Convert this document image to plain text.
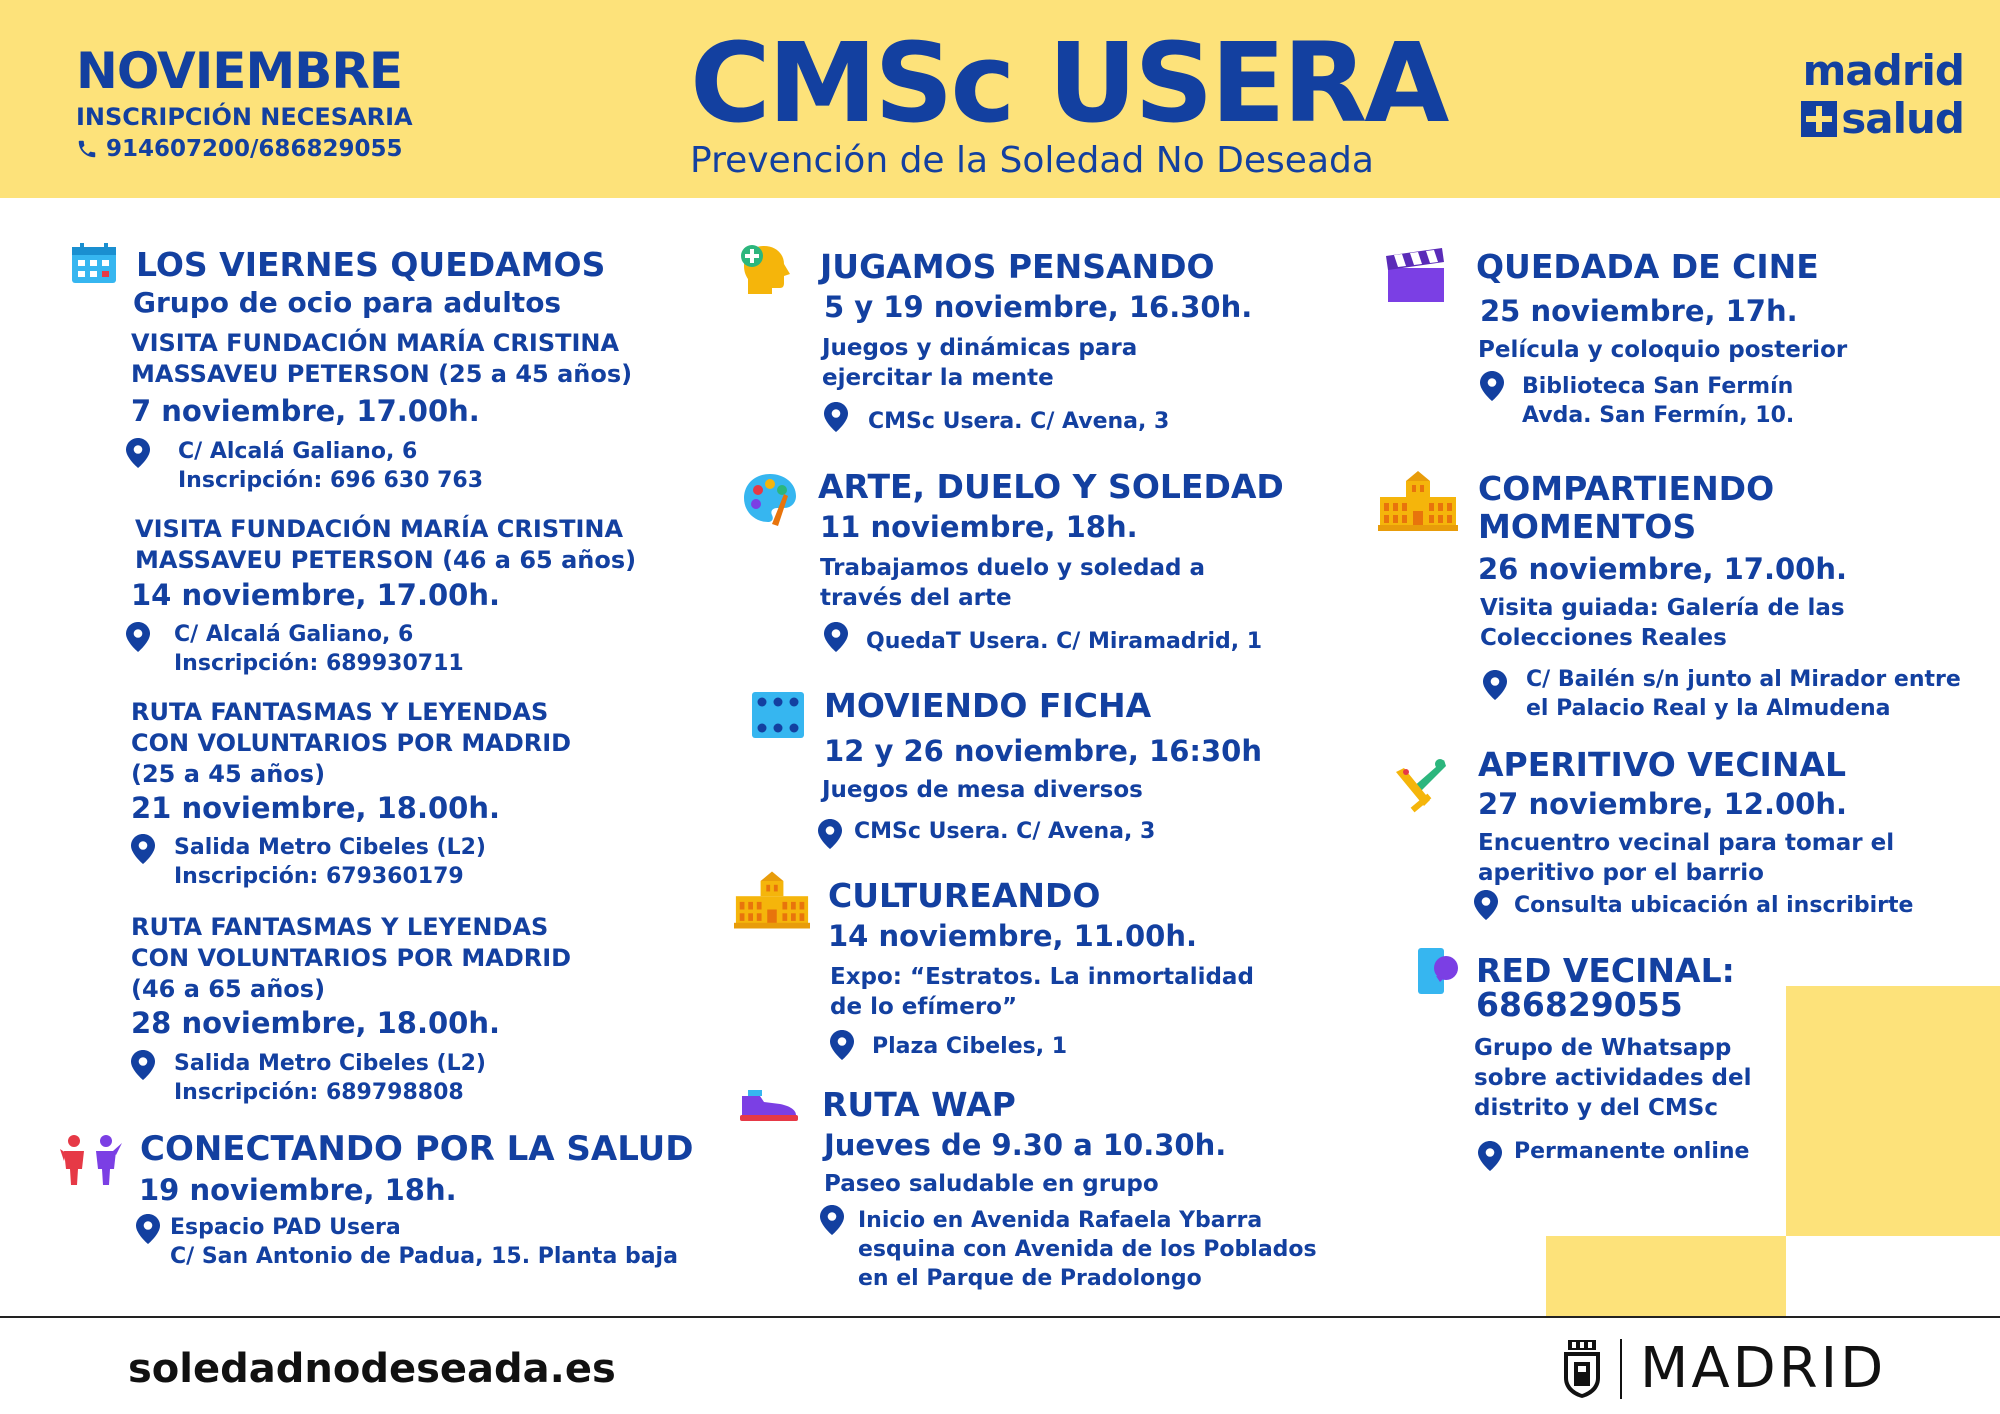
NOVIEMBRE
INSCRIPCIÓN NECESARIA
914607200/686829055
CMSc USERA
Prevención de la Soledad No Deseada
madrid
salud
LOS VIERNES QUEDAMOS
Grupo de ocio para adultos
VISITA FUNDACIÓN MARÍA CRISTINA
MASSAVEU PETERSON (25 a 45 años)
7 noviembre, 17.00h.
C/ Alcalá Galiano, 6
Inscripción: 696 630 763
VISITA FUNDACIÓN MARÍA CRISTINA
MASSAVEU PETERSON (46 a 65 años)
14 noviembre, 17.00h.
C/ Alcalá Galiano, 6
Inscripción: 689930711
RUTA FANTASMAS Y LEYENDAS
CON VOLUNTARIOS POR MADRID
(25 a 45 años)
21 noviembre, 18.00h.
Salida Metro Cibeles (L2)
Inscripción: 679360179
RUTA FANTASMAS Y LEYENDAS
CON VOLUNTARIOS POR MADRID
(46 a 65 años)
28 noviembre, 18.00h.
Salida Metro Cibeles (L2)
Inscripción: 689798808
CONECTANDO POR LA SALUD
19 noviembre, 18h.
Espacio PAD Usera
C/ San Antonio de Padua, 15. Planta baja
JUGAMOS PENSANDO
5 y 19 noviembre, 16.30h.
Juegos y dinámicas para
ejercitar la mente
CMSc Usera. C/ Avena, 3
ARTE, DUELO Y SOLEDAD
11 noviembre, 18h.
Trabajamos duelo y soledad a
través del arte
QuedaT Usera. C/ Miramadrid, 1
MOVIENDO FICHA
12 y 26 noviembre, 16:30h
Juegos de mesa diversos
CMSc Usera. C/ Avena, 3
CULTUREANDO
14 noviembre, 11.00h.
Expo: “Estratos. La inmortalidad
de lo efímero”
Plaza Cibeles, 1
RUTA WAP
Jueves de 9.30 a 10.30h.
Paseo saludable en grupo
Inicio en Avenida Rafaela Ybarra
esquina con Avenida de los Poblados
en el Parque de Pradolongo
QUEDADA DE CINE
25 noviembre, 17h.
Película y coloquio posterior
Biblioteca San Fermín
Avda. San Fermín, 10.
COMPARTIENDO
MOMENTOS
26 noviembre, 17.00h.
Visita guiada: Galería de las
Colecciones Reales
C/ Bailén s/n junto al Mirador entre
el Palacio Real y la Almudena
APERITIVO VECINAL
27 noviembre, 12.00h.
Encuentro vecinal para tomar el
aperitivo por el barrio
Consulta ubicación al inscribirte
RED VECINAL:
686829055
Grupo de Whatsapp
sobre actividades del
distrito y del CMSc
Permanente online
soledadnodeseada.es	MADRID
